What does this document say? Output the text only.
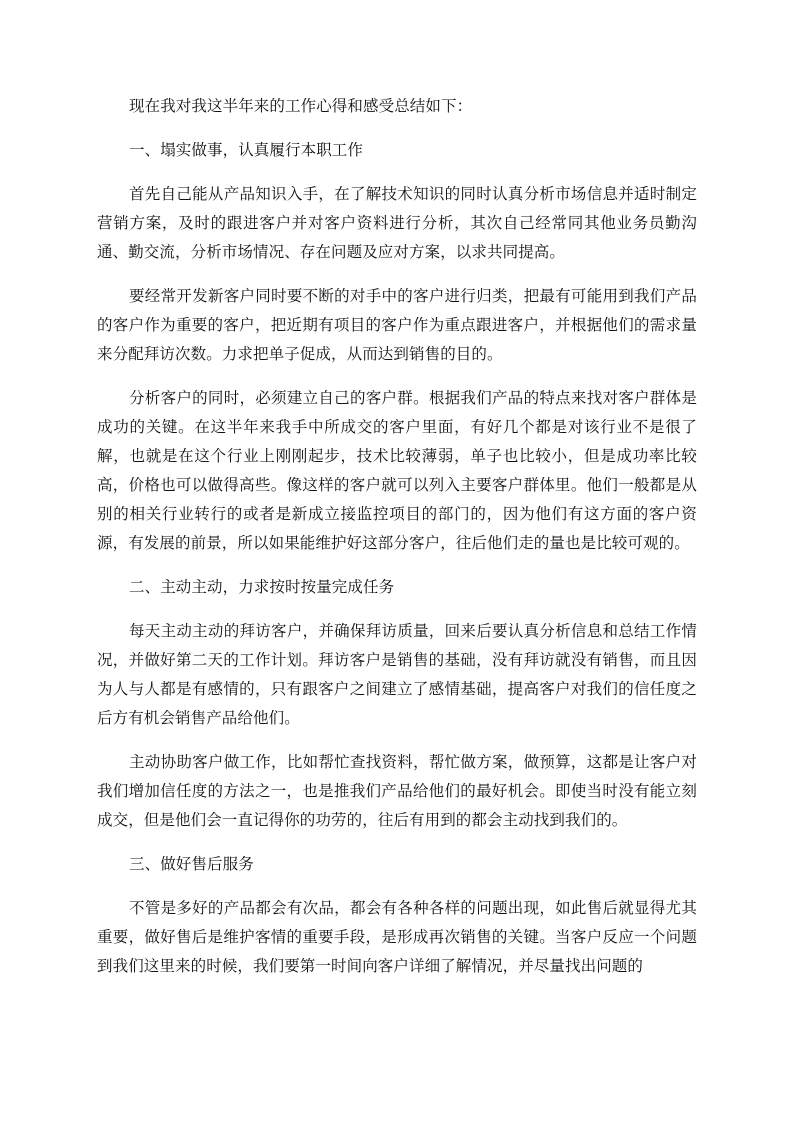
现在我对我这半年来的工作心得和感受总结如下：

一、塌实做事，认真履行本职工作

首先自己能从产品知识入手，在了解技术知识的同时认真分析市场信息并适时制定营销方案，及时的跟进客户并对客户资料进行分析，其次自己经常同其他业务员勤沟通、勤交流，分析市场情况、存在问题及应对方案，以求共同提高。

要经常开发新客户同时要不断的对手中的客户进行归类，把最有可能用到我们产品的客户作为重要的客户，把近期有项目的客户作为重点跟进客户，并根据他们的需求量来分配拜访次数。力求把单子促成，从而达到销售的目的。

分析客户的同时，必须建立自己的客户群。根据我们产品的特点来找对客户群体是成功的关键。在这半年来我手中所成交的客户里面，有好几个都是对该行业不是很了解，也就是在这个行业上刚刚起步，技术比较薄弱，单子也比较小，但是成功率比较高，价格也可以做得高些。像这样的客户就可以列入主要客户群体里。他们一般都是从别的相关行业转行的或者是新成立接监控项目的部门的，因为他们有这方面的客户资源，有发展的前景，所以如果能维护好这部分客户，往后他们走的量也是比较可观的。

二、主动主动，力求按时按量完成任务

每天主动主动的拜访客户，并确保拜访质量，回来后要认真分析信息和总结工作情况，并做好第二天的工作计划。拜访客户是销售的基础，没有拜访就没有销售，而且因为人与人都是有感情的，只有跟客户之间建立了感情基础，提高客户对我们的信任度之后方有机会销售产品给他们。

主动协助客户做工作，比如帮忙查找资料，帮忙做方案，做预算，这都是让客户对我们增加信任度的方法之一，也是推我们产品给他们的最好机会。即使当时没有能立刻成交，但是他们会一直记得你的功劳的，往后有用到的都会主动找到我们的。

三、做好售后服务

不管是多好的产品都会有次品，都会有各种各样的问题出现，如此售后就显得尤其重要，做好售后是维护客情的重要手段，是形成再次销售的关键。当客户反应一个问题到我们这里来的时候，我们要第一时间向客户详细了解情况，并尽量找出问题的
